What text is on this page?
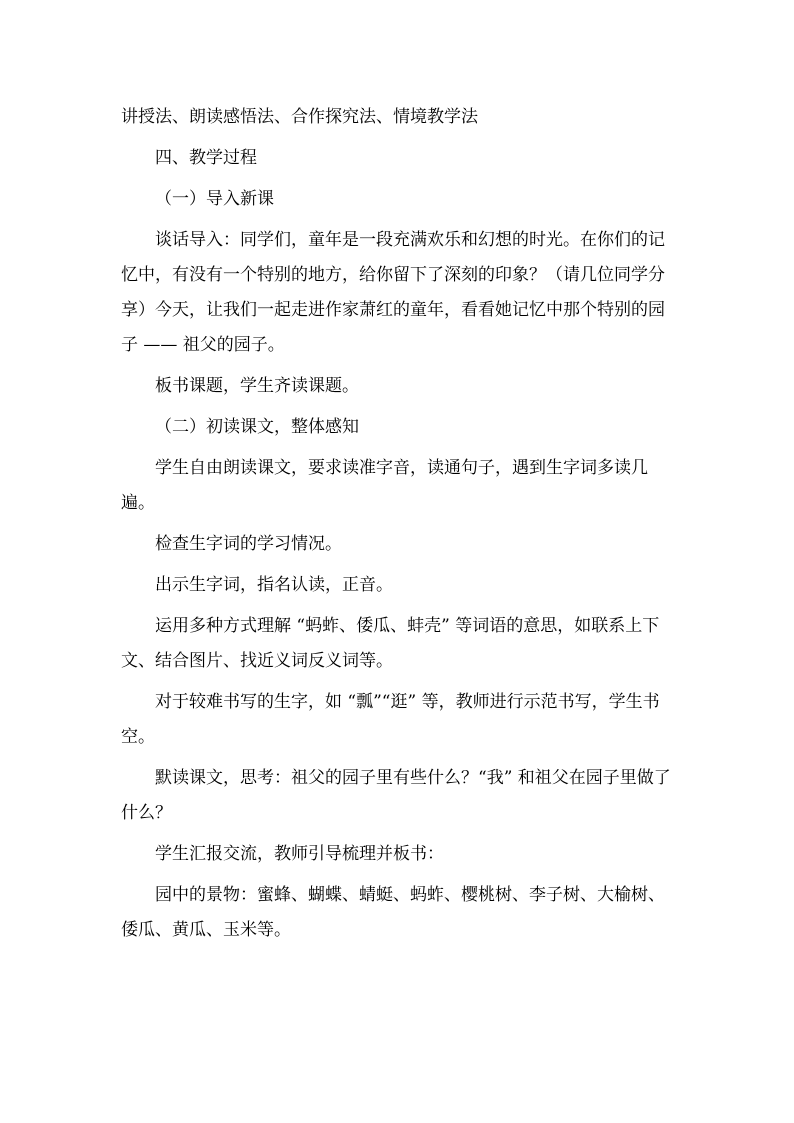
讲授法、朗读感悟法、合作探究法、情境教学法

四、教学过程

（一）导入新课

谈话导入：同学们，童年是一段充满欢乐和幻想的时光。在你们的记忆中，有没有一个特别的地方，给你留下了深刻的印象？（请几位同学分享）今天，让我们一起走进作家萧红的童年，看看她记忆中那个特别的园子 —— 祖父的园子。

板书课题，学生齐读课题。

（二）初读课文，整体感知

学生自由朗读课文，要求读准字音，读通句子，遇到生字词多读几遍。

检查生字词的学习情况。

出示生字词，指名认读，正音。

运用多种方式理解 “蚂蚱、倭瓜、蚌壳” 等词语的意思，如联系上下文、结合图片、找近义词反义词等。

对于较难书写的生字，如 “瓢”“逛” 等，教师进行示范书写，学生书空。

默读课文，思考：祖父的园子里有些什么？“我” 和祖父在园子里做了什么？

学生汇报交流，教师引导梳理并板书：

园中的景物：蜜蜂、蝴蝶、蜻蜓、蚂蚱、樱桃树、李子树、大榆树、倭瓜、黄瓜、玉米等。
